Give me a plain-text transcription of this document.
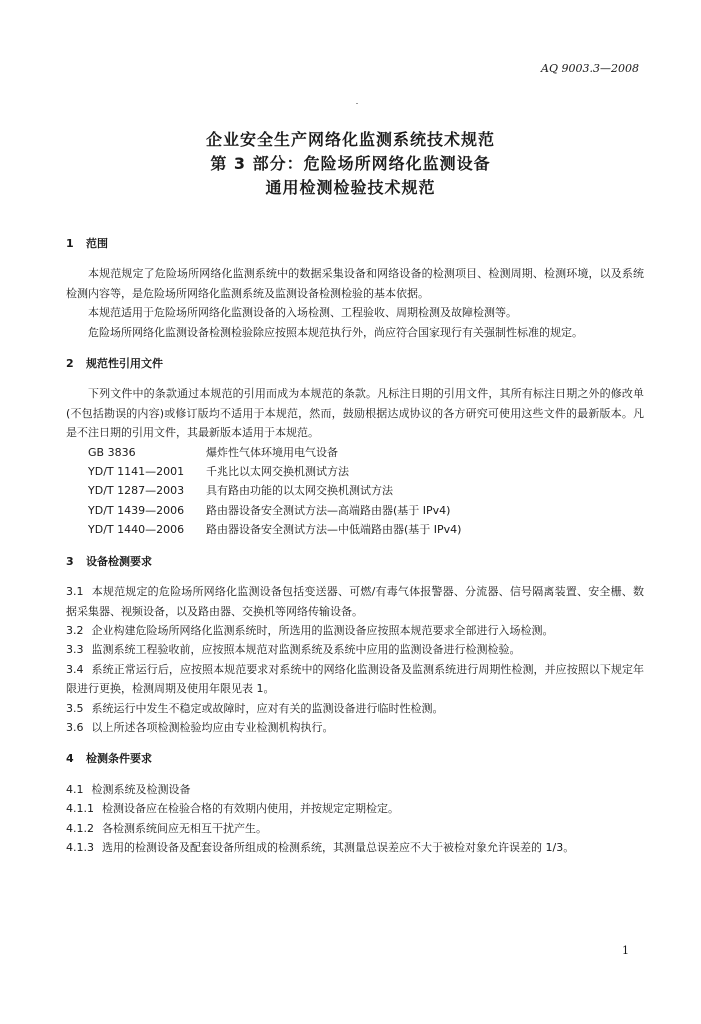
AQ 9003.3—2008
企业安全生产网络化监测系统技术规范
第 3 部分：危险场所网络化监测设备
通用检测检验技术规范

1 范围

本规范规定了危险场所网络化监测系统中的数据采集设备和网络设备的检测项目、检测周期、检测环境，以及系统检测内容等，是危险场所网络化监测系统及监测设备检测检验的基本依据。

本规范适用于危险场所网络化监测设备的入场检测、工程验收、周期检测及故障检测等。

危险场所网络化监测设备检测检验除应按照本规范执行外，尚应符合国家现行有关强制性标准的规定。

2 规范性引用文件

下列文件中的条款通过本规范的引用而成为本规范的条款。凡标注日期的引用文件，其所有标注日期之外的修改单(不包括勘误的内容)或修订版均不适用于本规范，然而，鼓励根据达成协议的各方研究可使用这些文件的最新版本。凡是不注日期的引用文件，其最新版本适用于本规范。

GB 3836	爆炸性气体环境用电气设备

YD/T 1141—2001 千兆比以太网交换机测试方法

YD/T 1287—2003 具有路由功能的以太网交换机测试方法

YD/T 1439—2006 路由器设备安全测试方法—高端路由器(基于 IPv4)

YD/T 1440—2006 路由器设备安全测试方法—中低端路由器(基于 IPv4)

3 设备检测要求

3.1 本规范规定的危险场所网络化监测设备包括变送器、可燃/有毒气体报警器、分流器、信号隔离装置、安全栅、数据采集器、视频设备，以及路由器、交换机等网络传输设备。

3.2 企业构建危险场所网络化监测系统时，所选用的监测设备应按照本规范要求全部进行入场检测。

3.3 监测系统工程验收前，应按照本规范对监测系统及系统中应用的监测设备进行检测检验。

3.4 系统正常运行后，应按照本规范要求对系统中的网络化监测设备及监测系统进行周期性检测，并应按照以下规定年限进行更换，检测周期及使用年限见表 1。

3.5 系统运行中发生不稳定或故障时，应对有关的监测设备进行临时性检测。

3.6 以上所述各项检测检验均应由专业检测机构执行。

4 检测条件要求

4.1 检测系统及检测设备

4.1.1 检测设备应在检验合格的有效期内使用，并按规定定期检定。

4.1.2 各检测系统间应无相互干扰产生。

4.1.3 选用的检测设备及配套设备所组成的检测系统，其测量总误差应不大于被检对象允许误差的 1/3。

1
